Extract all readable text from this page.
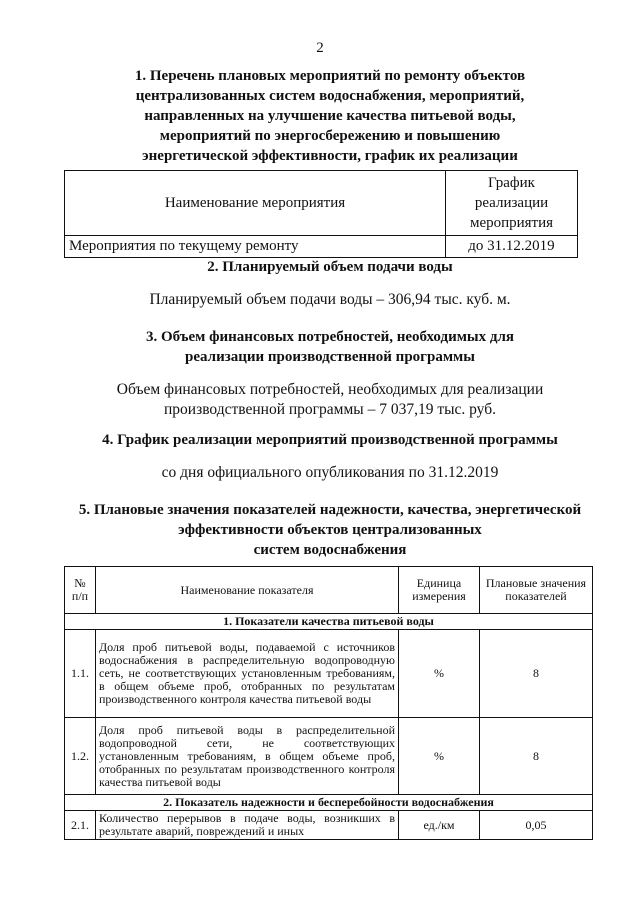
2
1. Перечень плановых мероприятий по ремонту объектов
централизованных систем водоснабжения, мероприятий,
направленных на улучшение качества питьевой воды,
мероприятий по энергосбережению и повышению
энергетической эффективности, график их реализации
Наименование мероприятия	График реализации
мероприятия

Мероприятия по текущему ремонту	до 31.12.2019
2. Планируемый объем подачи воды
Планируемый объем подачи воды – 306,94 тыс. куб. м.
3. Объем финансовых потребностей, необходимых для
реализации производственной программы
Объем финансовых потребностей, необходимых для реализации
производственной программы – 7 037,19 тыс. руб.
4. График реализации мероприятий производственной программы
со дня официального опубликования по 31.12.2019
5. Плановые значения показателей надежности, качества, энергетической
эффективности объектов централизованных
систем водоснабжения
№ п/п	Наименование показателя	Единица измерения	Плановые значения показателей
1. Показатели качества питьевой воды			
1.1.	Доля проб питьевой воды, подаваемой с источников водоснабжения в распределительную водопроводную сеть, не соответствующих установленным требованиям, в общем объеме проб, отобранных по результатам производственного контроля качества питьевой воды	%	8
1.2.	Доля проб питьевой воды в распределительной водопроводной сети, не соответствующих установленным требованиям, в общем объеме проб, отобранных по результатам производственного контроля качества питьевой воды	%	8
2. Показатель надежности и бесперебойности водоснабжения			
2.1.	Количество перерывов в подаче воды, возникших в результате аварий, повреждений и иных	ед./км	0,05
